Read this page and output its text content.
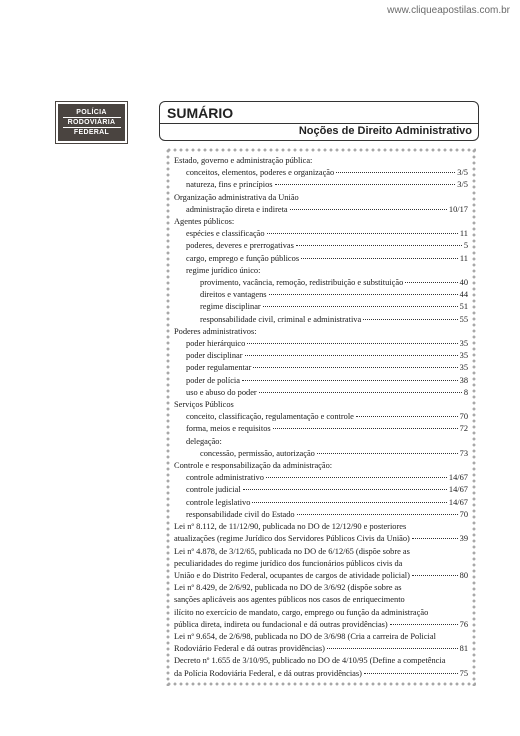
www.cliqueapostilas.com.br
POLÍCIA
RODOVIÁRIA
FEDERAL
SUMÁRIO
Noções de Direito Administrativo
Estado, governo e administração pública:
conceitos, elementos, poderes e organização	3/5
natureza, fins e princípios	3/5
Organização administrativa da União
administração direta e indireta	10/17
Agentes públicos:
espécies e classificação	11
poderes, deveres e prerrogativas	5
cargo, emprego e função públicos	11
regime jurídico único:
provimento, vacância, remoção, redistribuição e substituição	40
direitos e vantagens	44
regime disciplinar	51
responsabilidade civil, criminal e administrativa	55
Poderes administrativos:
poder hierárquico	35
poder disciplinar	35
poder regulamentar	35
poder de polícia	38
uso e abuso do poder	8
Serviços Públicos
conceito, classificação, regulamentação e controle	70
forma, meios e requisitos	72
delegação:
concessão, permissão, autorização	73
Controle e responsabilização da administração:
controle administrativo	14/67
controle judicial	14/67
controle legislativo	14/67
responsabilidade civil do Estado	70
Lei nº 8.112, de 11/12/90, publicada no DO de 12/12/90 e posteriores
atualizações (regime Jurídico dos Servidores Públicos Civis da União)	39
Lei nº 4.878, de 3/12/65, publicada no DO de 6/12/65 (dispõe sobre as
peculiaridades do regime jurídico dos funcionários públicos civis da
União e do Distrito Federal, ocupantes de cargos de atividade policial)	80
Lei nº 8.429, de 2/6/92, publicada no DO de 3/6/92 (dispõe sobre as
sanções aplicáveis aos agentes públicos nos casos de enriquecimento
ilícito no exercício de mandato, cargo, emprego ou função da administração
pública direta, indireta ou fundacional e dá outras providências)	76
Lei nº 9.654, de 2/6/98, publicada no DO de 3/6/98 (Cria a carreira de Policial
Rodoviário Federal e dá outras providências)	81
Decreto nº 1.655 de 3/10/95, publicado no DO de 4/10/95 (Define a competência
da Polícia Rodoviária Federal, e dá outras providências)	75
